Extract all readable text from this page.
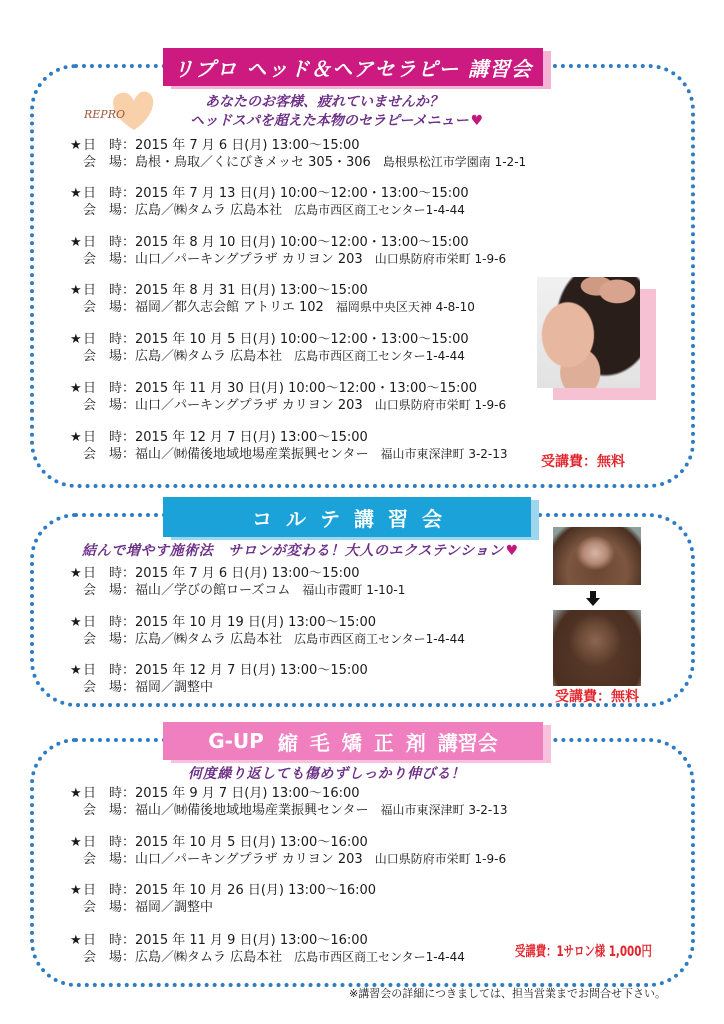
リプロ ヘッド＆ヘアセラピー 講習会
REPRO
あなたのお客様、疲れていませんか？
ヘッドスパを超えた本物のセラピーメニュー ♥
★日　時：2015 年 7 月 6 日(月) 13:00～15:00
会　場：島根・鳥取／くにびきメッセ 305・306 島根県松江市学園南 1-2-1
★日　時：2015 年 7 月 13 日(月) 10:00～12:00・13:00～15:00
会　場：広島／㈱タムラ 広島本社 広島市西区商工センター1-4-44
★日　時：2015 年 8 月 10 日(月) 10:00～12:00・13:00～15:00
会　場：山口／パーキングプラザ カリヨン 203 山口県防府市栄町 1-9-6
★日　時：2015 年 8 月 31 日(月) 13:00～15:00
会　場：福岡／都久志会館 アトリエ 102 福岡県中央区天神 4-8-10
★日　時：2015 年 10 月 5 日(月) 10:00～12:00・13:00～15:00
会　場：広島／㈱タムラ 広島本社 広島市西区商工センター1-4-44
★日　時：2015 年 11 月 30 日(月) 10:00～12:00・13:00～15:00
会　場：山口／パーキングプラザ カリヨン 203 山口県防府市栄町 1-9-6
★日　時：2015 年 12 月 7 日(月) 13:00～15:00
会　場：福山／㈶備後地域地場産業振興センター 福山市東深津町 3-2-13 受講費：無料
コルテ講習会
結んで増やす施術法　サロンが変わる！大人のエクステンション ♥
★日　時：2015 年 7 月 6 日(月) 13:00～15:00
会　場：福山／学びの館ローズコム 福山市霞町 1-10-1
★日　時：2015 年 10 月 19 日(月) 13:00～15:00
会　場：広島／㈱タムラ 広島本社 広島市西区商工センター1-4-44
★日　時：2015 年 12 月 7 日(月) 13:00～15:00
会　場：福岡／調整中
受講費：無料
G-UP 縮毛矯正剤 講習会
何度繰り返しても傷めずしっかり伸びる！
★日　時：2015 年 9 月 7 日(月) 13:00～16:00
会　場：福山／㈶備後地域地場産業振興センター 福山市東深津町 3-2-13
★日　時：2015 年 10 月 5 日(月) 13:00～16:00
会　場：山口／パーキングプラザ カリヨン 203 山口県防府市栄町 1-9-6
★日　時：2015 年 10 月 26 日(月) 13:00～16:00
会　場：福岡／調整中
★日　時：2015 年 11 月 9 日(月) 13:00～16:00
会　場：広島／㈱タムラ 広島本社 広島市西区商工センター1-4-44	受講費：1サロン様 1,000円
※講習会の詳細につきましては、担当営業までお問合せ下さい。
